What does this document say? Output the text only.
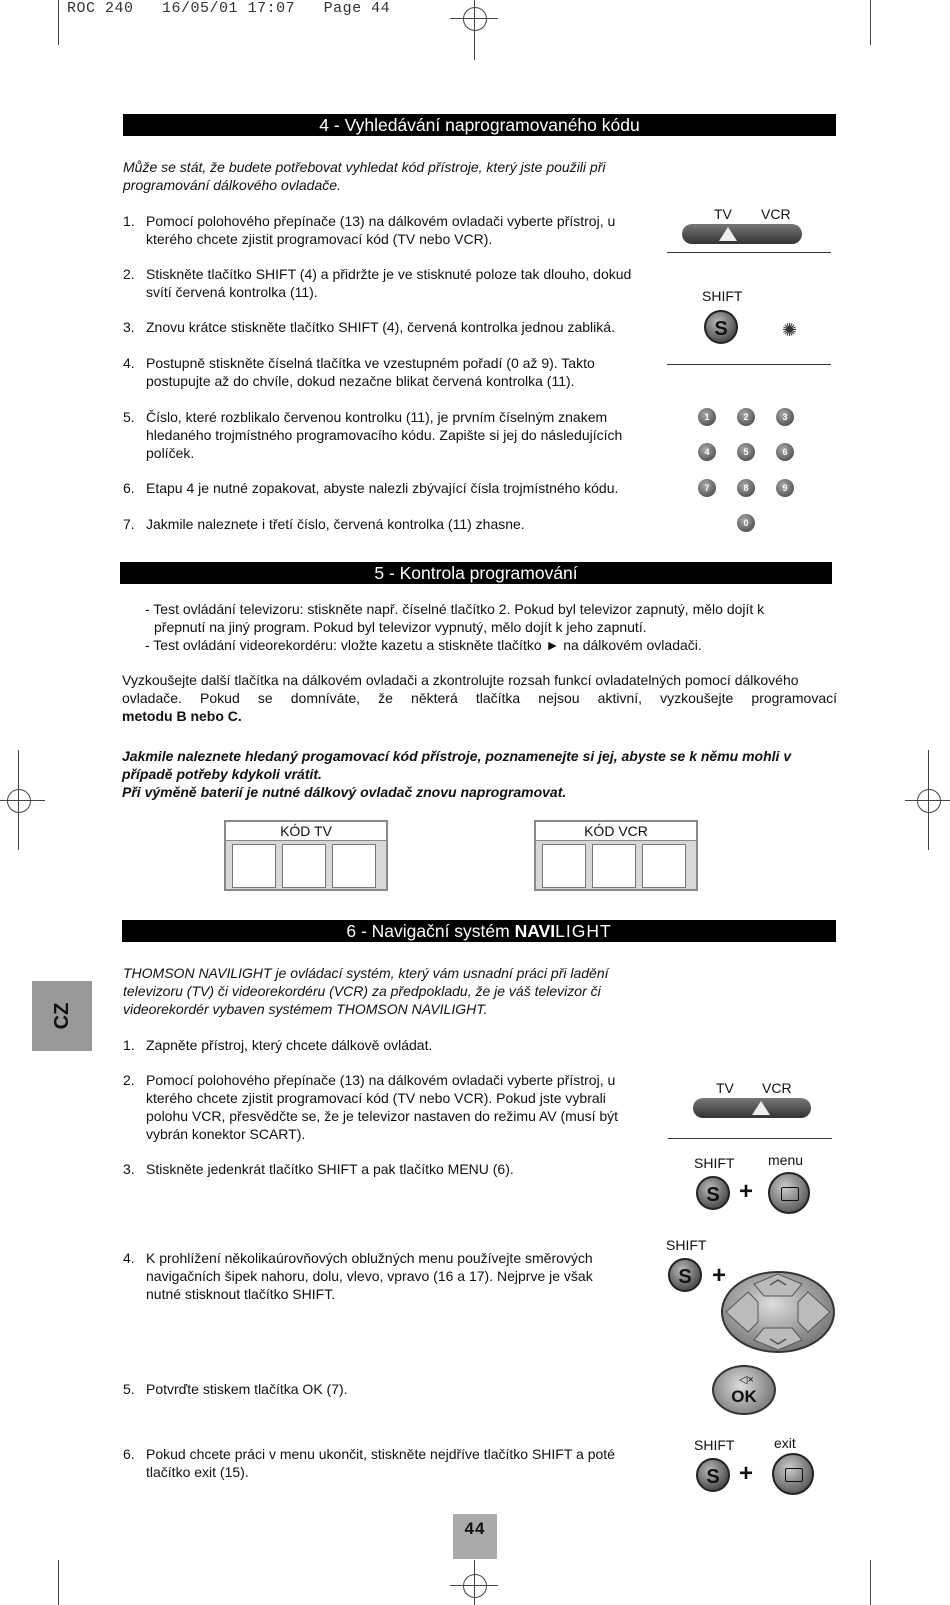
ROC 240 16/05/01 17:07 Page 44
4 - Vyhledávání naprogramovaného kódu
Může se stát, že budete potřebovat vyhledat kód přístroje, který jste použili při programování dálkového ovladače.
1. Pomocí polohového přepínače (13) na dálkovém ovladači vyberte přístroj, u
kterého chcete zjistit programovací kód (TV nebo VCR).
2. Stiskněte tlačítko SHIFT (4) a přidržte je ve stisknuté poloze tak dlouho, dokud
svítí červená kontrolka (11).
3. Znovu krátce stiskněte tlačítko SHIFT (4), červená kontrolka jednou zabliká.
4. Postupně stiskněte číselná tlačítka ve vzestupném pořadí (0 až 9). Takto
postupujte až do chvíle, dokud nezačne blikat červená kontrolka (11).
5. Číslo, které rozblikalo červenou kontrolku (11), je prvním číselným znakem
hledaného trojmístného programovacího kódu. Zapište si jej do následujících
políček.
6. Etapu 4 je nutné zopakovat, abyste nalezli zbývající čísla trojmístného kódu.
7. Jakmile naleznete i třetí číslo, červená kontrolka (11) zhasne.
TV VCR
SHIFT
S	✺
1	2	3
4	5	6
7	8	9
0
5 - Kontrola programování
- Test ovládání televizoru: stiskněte např. číselné tlačítko 2. Pokud byl televizor zapnutý, mělo dojít k
přepnutí na jiný program. Pokud byl televizor vypnutý, mělo dojít k jeho zapnutí.
- Test ovládání videorekordéru: vložte kazetu a stiskněte tlačítko ► na dálkovém ovladači.
Vyzkoušejte další tlačítka na dálkovém ovladači a zkontrolujte rozsah funkcí ovladatelných pomocí dálkového
ovladače. Pokud se domníváte, že některá tlačítka nejsou aktivní, vyzkoušejte programovací
metodu B nebo C.
Jakmile naleznete hledaný progamovací kód přístroje, poznamenejte si jej, abyste se k němu mohli v
případě potřeby kdykoli vrátit.
Při výměně baterií je nutné dálkový ovladač znovu naprogramovat.
KÓD TV	KÓD VCR
6 - Navigační systém NAVILIGHT
THOMSON NAVILIGHT je ovládací systém, který vám usnadní práci při ladění
televizoru (TV) či videorekordéru (VCR) za předpokladu, že je váš televizor či
videorekordér vybaven systémem THOMSON NAVILIGHT.
1. Zapněte přístroj, který chcete dálkově ovládat.
2. Pomocí polohového přepínače (13) na dálkovém ovladači vyberte přístroj, u
kterého chcete zjistit programovací kód (TV nebo VCR). Pokud jste vybrali
polohu VCR, přesvědčte se, že je televizor nastaven do režimu AV (musí být
vybrán konektor SCART).
3. Stiskněte jedenkrát tlačítko SHIFT a pak tlačítko MENU (6).
4. K prohlížení několikaúrovňových oblužných menu používejte směrových
navigačních šipek nahoru, dolu, vlevo, vpravo (16 a 17). Nejprve je však
nutné stisknout tlačítko SHIFT.
5. Potvrďte stiskem tlačítka OK (7).
6. Pokud chcete práci v menu ukončit, stiskněte nejdříve tlačítko SHIFT a poté
tlačítko exit (15).
CZ
TV VCR
SHIFT menu
S +
SHIFT
S +
OK
◁×
SHIFT	exit
S +
44
